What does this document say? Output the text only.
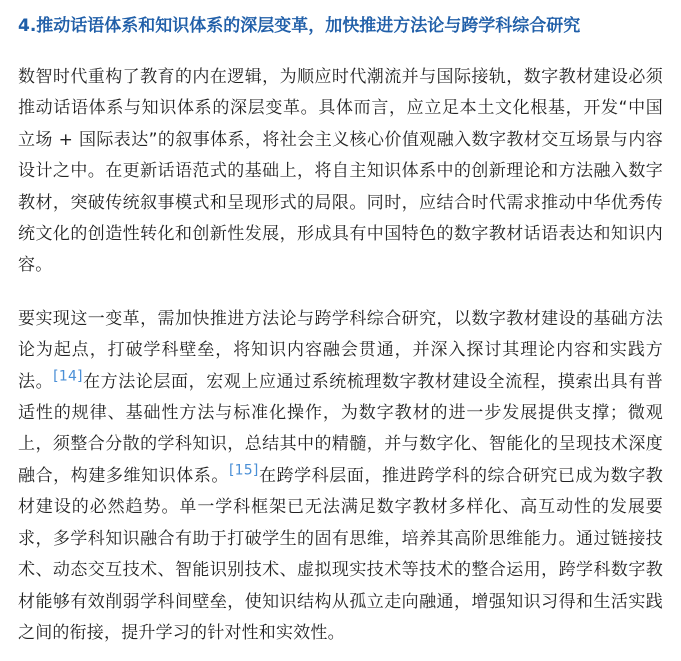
4.推动话语体系和知识体系的深层变革，加快推进方法论与跨学科综合研究

数智时代重构了教育的内在逻辑，为顺应时代潮流并与国际接轨，数字教材建设必须推动话语体系与知识体系的深层变革。具体而言，应立足本土文化根基，开发“中国立场 + 国际表达”的叙事体系，将社会主义核心价值观融入数字教材交互场景与内容设计之中。在更新话语范式的基础上，将自主知识体系中的创新理论和方法融入数字教材，突破传统叙事模式和呈现形式的局限。同时，应结合时代需求推动中华优秀传统文化的创造性转化和创新性发展，形成具有中国特色的数字教材话语表达和知识内容。

要实现这一变革，需加快推进方法论与跨学科综合研究，以数字教材建设的基础方法论为起点，打破学科壁垒，将知识内容融会贯通，并深入探讨其理论内容和实践方法。[14]在方法论层面，宏观上应通过系统梳理数字教材建设全流程，摸索出具有普适性的规律、基础性方法与标准化操作，为数字教材的进一步发展提供支撑；微观上，须整合分散的学科知识，总结其中的精髓，并与数字化、智能化的呈现技术深度融合，构建多维知识体系。[15]在跨学科层面，推进跨学科的综合研究已成为数字教材建设的必然趋势。单一学科框架已无法满足数字教材多样化、高互动性的发展要求，多学科知识融合有助于打破学生的固有思维，培养其高阶思维能力。通过链接技术、动态交互技术、智能识别技术、虚拟现实技术等技术的整合运用，跨学科数字教材能够有效削弱学科间壁垒，使知识结构从孤立走向融通，增强知识习得和生活实践之间的衔接，提升学习的针对性和实效性。
